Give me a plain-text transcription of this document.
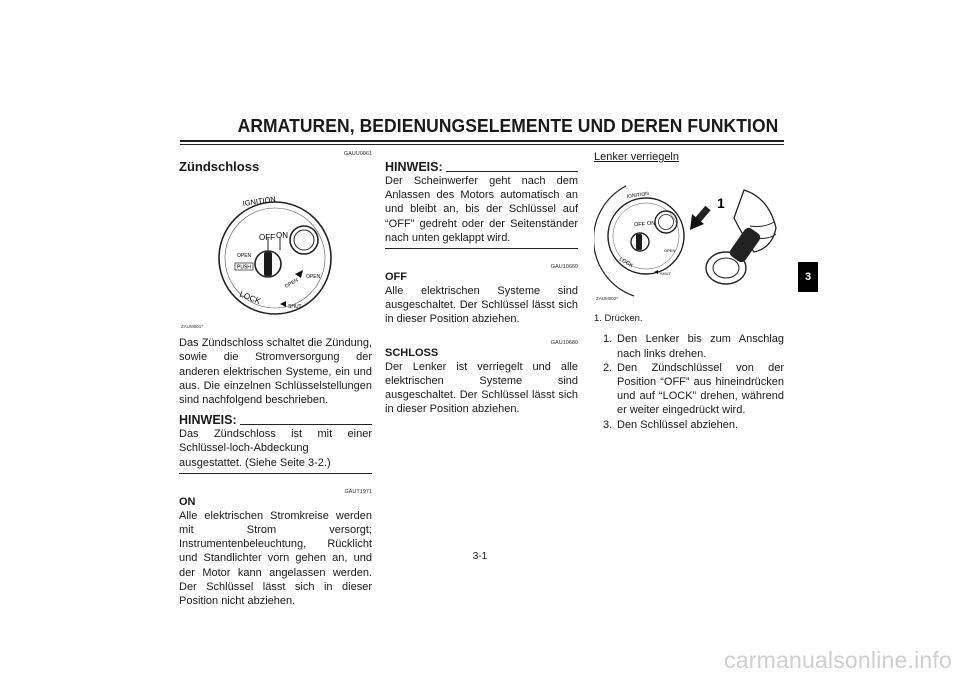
ARMATUREN, BEDIENUNGSELEMENTE UND DEREN FUNKTION
GAUU0061
Zündschloss
IGNITION
OFF ON
OPEN
PUSH
OPEN
OPEN
LOCK
SHUT
ZAUM001*

Das Zündschloss schaltet die Zündung, sowie die Stromversorgung der anderen elektrischen Systeme, ein und aus. Die einzelnen Schlüsselstellungen sind nachfolgend beschrieben.

HINWEIS:

Das Zündschloss ist mit einer Schlüssel-loch-Abdeckung ausgestattet. (Siehe Seite 3-2.)

GAUT1971
ON

Alle elektrischen Stromkreise werden mit Strom versorgt; Instrumentenbeleuchtung, Rücklicht und Standlichter vorn gehen an, und der Motor kann angelassen werden. Der Schlüssel lässt sich in dieser Position nicht abziehen.

HINWEIS:

Der Scheinwerfer geht nach dem Anlassen des Motors automatisch an und bleibt an, bis der Schlüssel auf “OFF” gedreht oder der Seitenständer nach unten geklappt wird.

GAU10660
OFF

Alle elektrischen Systeme sind ausgeschaltet. Der Schlüssel lässt sich in dieser Position abziehen.

GAU10680
SCHLOSS

Der Lenker ist verriegelt und alle elektrischen Systeme sind ausgeschaltet. Der Schlüssel lässt sich in dieser Position abziehen.

Lenker verriegeln
IGNITION
OFF ON
OPEN
LOCK
SHUT
1
ZAUM002*
1. Drücken.
1. Den Lenker bis zum Anschlag nach links drehen.
2. Den Zündschlüssel von der Position “OFF” aus hineindrücken und auf “LOCK” drehen, während er weiter eingedrückt wird.
3. Den Schlüssel abziehen.
3
3-1
carmanualsonline.info
